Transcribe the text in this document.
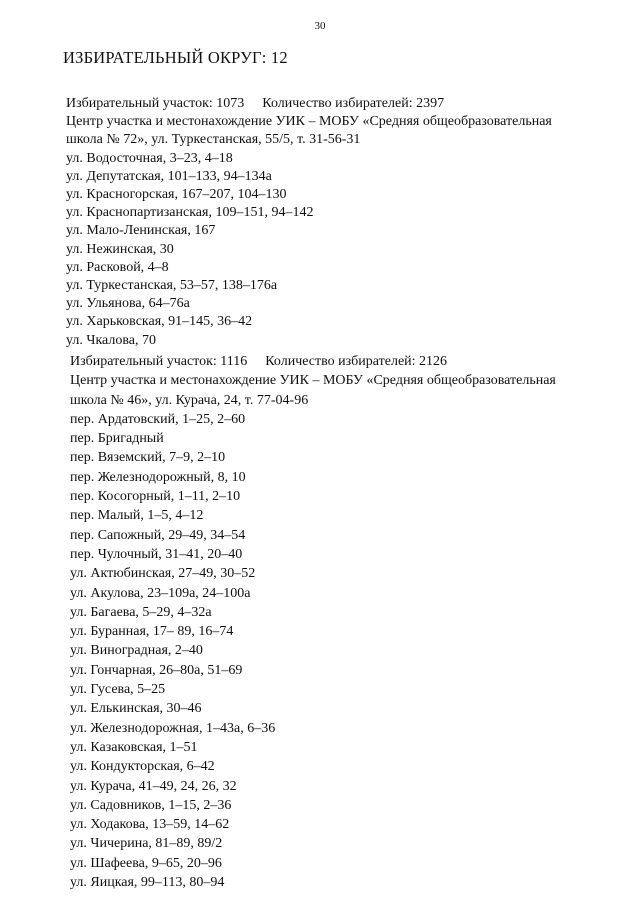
30
ИЗБИРАТЕЛЬНЫЙ ОКРУГ: 12
Избирательный участок: 1073 Количество избирателей: 2397
Центр участка и местонахождение УИК – МОБУ «Средняя общеобразовательная
школа № 72», ул. Туркестанская, 55/5, т. 31-56-31
ул. Водосточная, 3–23, 4–18
ул. Депутатская, 101–133, 94–134а
ул. Красногорская, 167–207, 104–130
ул. Краснопартизанская, 109–151, 94–142
ул. Мало-Ленинская, 167
ул. Нежинская, 30
ул. Расковой, 4–8
ул. Туркестанская, 53–57, 138–176а
ул. Ульянова, 64–76а
ул. Харьковская, 91–145, 36–42
ул. Чкалова, 70
Избирательный участок: 1116 Количество избирателей: 2126
Центр участка и местонахождение УИК – МОБУ «Средняя общеобразовательная
школа № 46», ул. Курача, 24, т. 77-04-96
пер. Ардатовский, 1–25, 2–60
пер. Бригадный
пер. Вяземский, 7–9, 2–10
пер. Железнодорожный, 8, 10
пер. Косогорный, 1–11, 2–10
пер. Малый, 1–5, 4–12
пер. Сапожный, 29–49, 34–54
пер. Чулочный, 31–41, 20–40
ул. Актюбинская, 27–49, 30–52
ул. Акулова, 23–109а, 24–100а
ул. Багаева, 5–29, 4–32а
ул. Буранная, 17– 89, 16–74
ул. Виноградная, 2–40
ул. Гончарная, 26–80а, 51–69
ул. Гусева, 5–25
ул. Елькинская, 30–46
ул. Железнодорожная, 1–43а, 6–36
ул. Казаковская, 1–51
ул. Кондукторская, 6–42
ул. Курача, 41–49, 24, 26, 32
ул. Садовников, 1–15, 2–36
ул. Ходакова, 13–59, 14–62
ул. Чичерина, 81–89, 89/2
ул. Шафеева, 9–65, 20–96
ул. Яицкая, 99–113, 80–94
